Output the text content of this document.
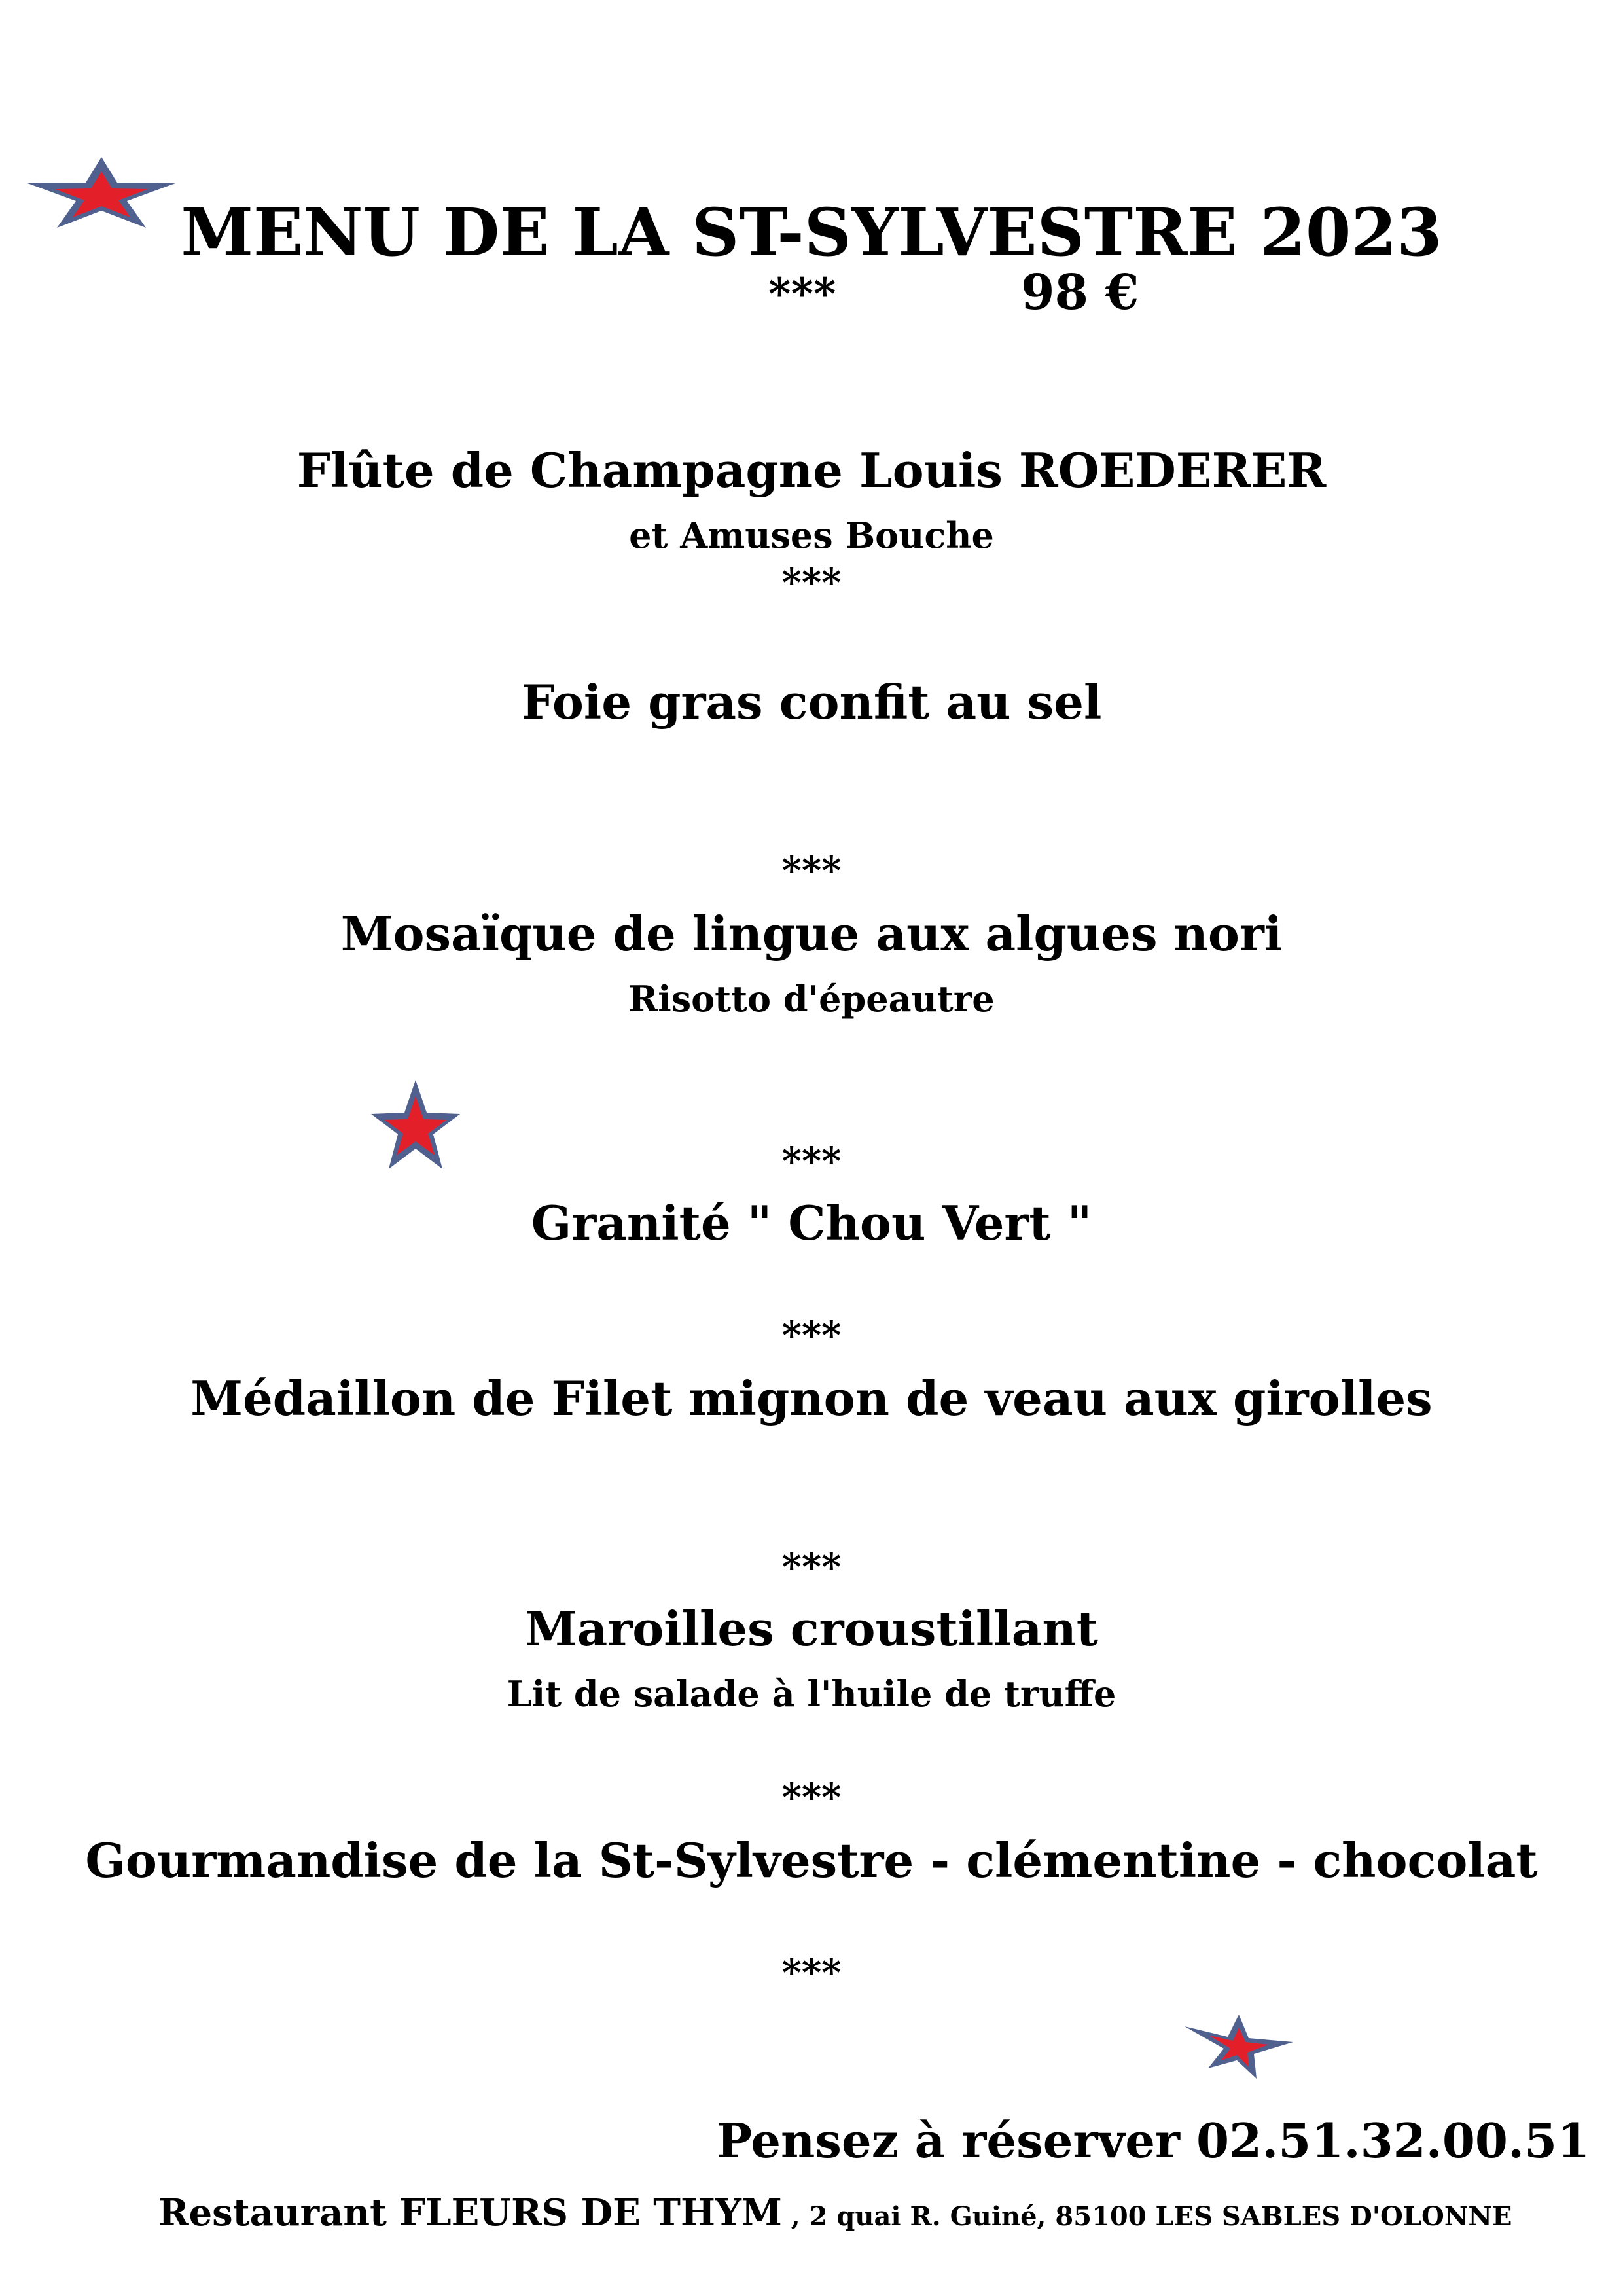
MENU DE LA ST-SYLVESTRE 2023
***	98 €
Flûte de Champagne Louis ROEDERER
et Amuses Bouche
***
Foie gras confit au sel
***
Mosaïque de lingue aux algues nori
Risotto d'épeautre
***
Granité " Chou Vert "
***
Médaillon de Filet mignon de veau aux girolles
***
Maroilles croustillant
Lit de salade à l'huile de truffe
***
Gourmandise de la St-Sylvestre - clémentine - chocolat
***
Pensez à réserver 02.51.32.00.51
Restaurant FLEURS DE THYM , 2 quai R. Guiné, 85100 LES SABLES D'OLONNE
